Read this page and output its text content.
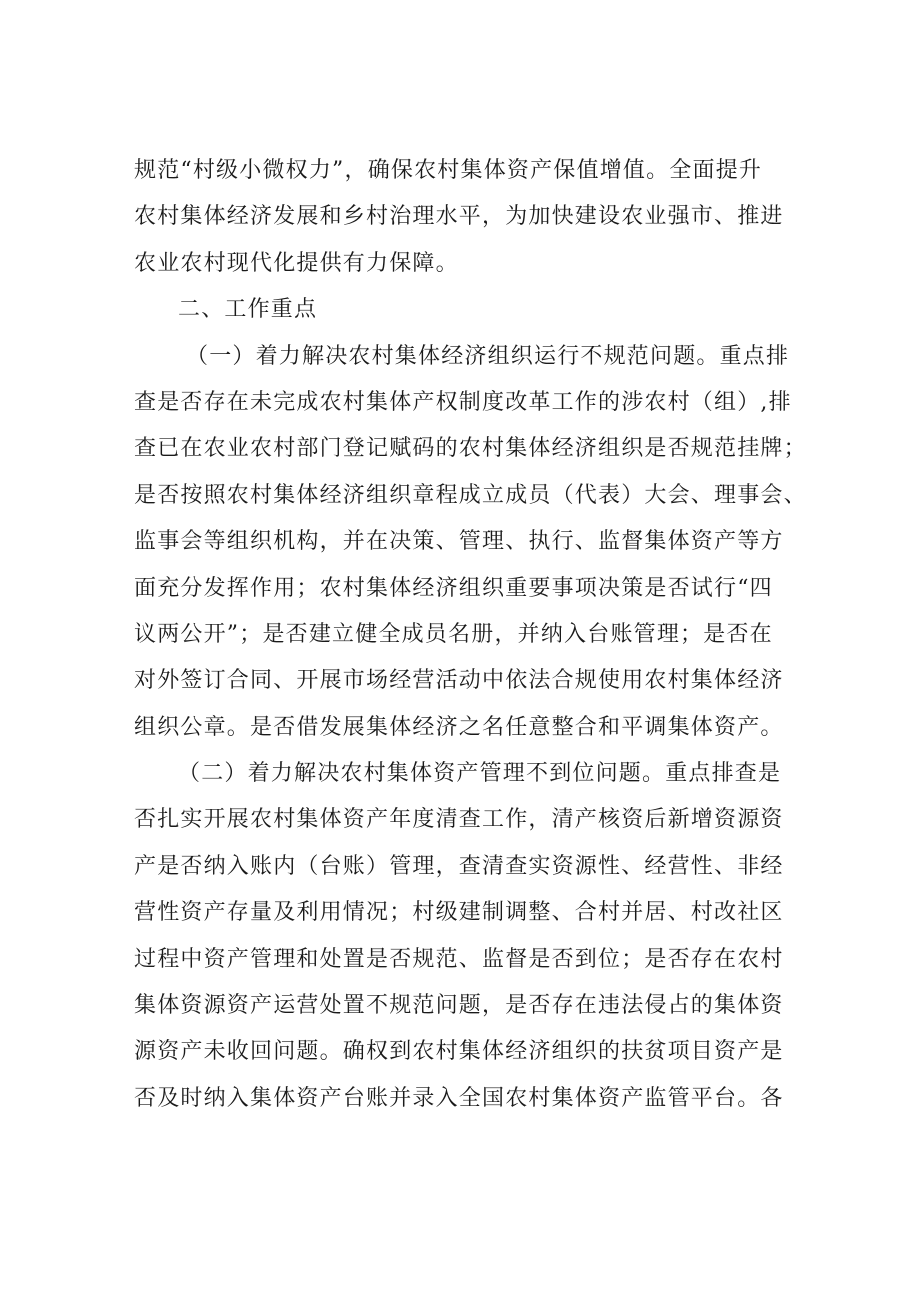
规范“村级小微权力”，确保农村集体资产保值增值。全面提升
农村集体经济发展和乡村治理水平，为加快建设农业强市、推进
农业农村现代化提供有力保障。
二、工作重点
（一）着力解决农村集体经济组织运行不规范问题。重点排
查是否存在未完成农村集体产权制度改革工作的涉农村（组）,排
查已在农业农村部门登记赋码的农村集体经济组织是否规范挂牌；
是否按照农村集体经济组织章程成立成员（代表）大会、理事会、
监事会等组织机构，并在决策、管理、执行、监督集体资产等方
面充分发挥作用；农村集体经济组织重要事项决策是否试行“四
议两公开”；是否建立健全成员名册，并纳入台账管理；是否在
对外签订合同、开展市场经营活动中依法合规使用农村集体经济
组织公章。是否借发展集体经济之名任意整合和平调集体资产。
（二）着力解决农村集体资产管理不到位问题。重点排查是
否扎实开展农村集体资产年度清查工作，清产核资后新增资源资
产是否纳入账内（台账）管理，查清查实资源性、经营性、非经
营性资产存量及利用情况；村级建制调整、合村并居、村改社区
过程中资产管理和处置是否规范、监督是否到位；是否存在农村
集体资源资产运营处置不规范问题，是否存在违法侵占的集体资
源资产未收回问题。确权到农村集体经济组织的扶贫项目资产是
否及时纳入集体资产台账并录入全国农村集体资产监管平台。各
